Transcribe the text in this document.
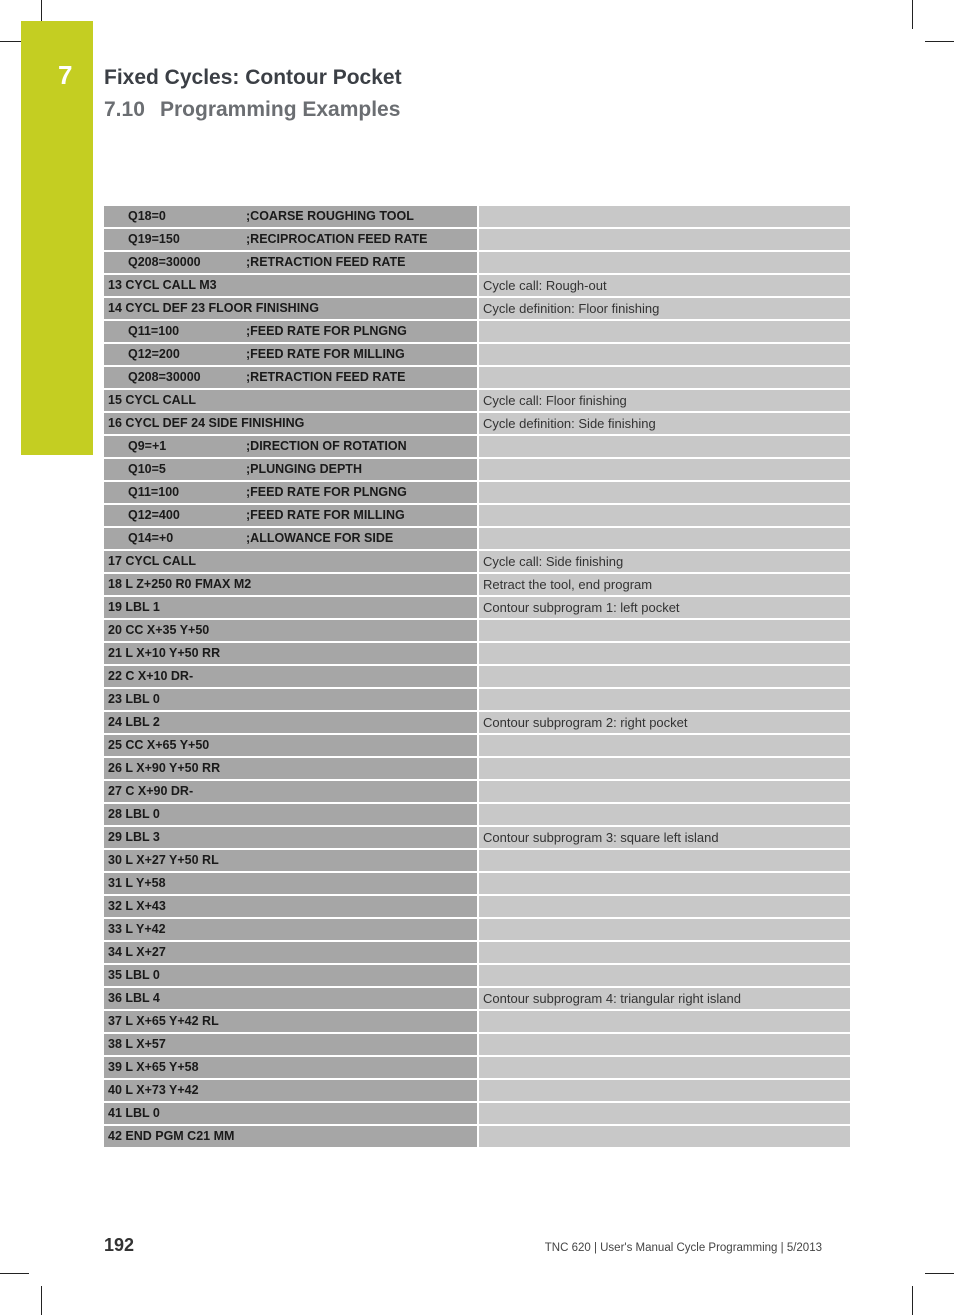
7 Fixed Cycles: Contour Pocket
7.10 Programming Examples
Q18=0 ;COARSE ROUGHING TOOL	
Q19=150 ;RECIPROCATION FEED RATE	
Q208=30000 ;RETRACTION FEED RATE	
13 CYCL CALL M3	Cycle call: Rough-out
14 CYCL DEF 23 FLOOR FINISHING	Cycle definition: Floor finishing
Q11=100 ;FEED RATE FOR PLNGNG	
Q12=200 ;FEED RATE FOR MILLING	
Q208=30000 ;RETRACTION FEED RATE	
15 CYCL CALL	Cycle call: Floor finishing
16 CYCL DEF 24 SIDE FINISHING	Cycle definition: Side finishing
Q9=+1 ;DIRECTION OF ROTATION	
Q10=5 ;PLUNGING DEPTH	
Q11=100 ;FEED RATE FOR PLNGNG	
Q12=400 ;FEED RATE FOR MILLING	
Q14=+0 ;ALLOWANCE FOR SIDE	
17 CYCL CALL	Cycle call: Side finishing
18 L Z+250 R0 FMAX M2	Retract the tool, end program
19 LBL 1	Contour subprogram 1: left pocket
20 CC X+35 Y+50	
21 L X+10 Y+50 RR	
22 C X+10 DR-	
23 LBL 0	
24 LBL 2	Contour subprogram 2: right pocket
25 CC X+65 Y+50	
26 L X+90 Y+50 RR	
27 C X+90 DR-	
28 LBL 0	
29 LBL 3	Contour subprogram 3: square left island
30 L X+27 Y+50 RL	
31 L Y+58	
32 L X+43	
33 L Y+42	
34 L X+27	
35 LBL 0	
36 LBL 4	Contour subprogram 4: triangular right island
37 L X+65 Y+42 RL	
38 L X+57	
39 L X+65 Y+58	
40 L X+73 Y+42	
41 LBL 0	
42 END PGM C21 MM	
192	TNC 620 | User's Manual Cycle Programming | 5/2013
